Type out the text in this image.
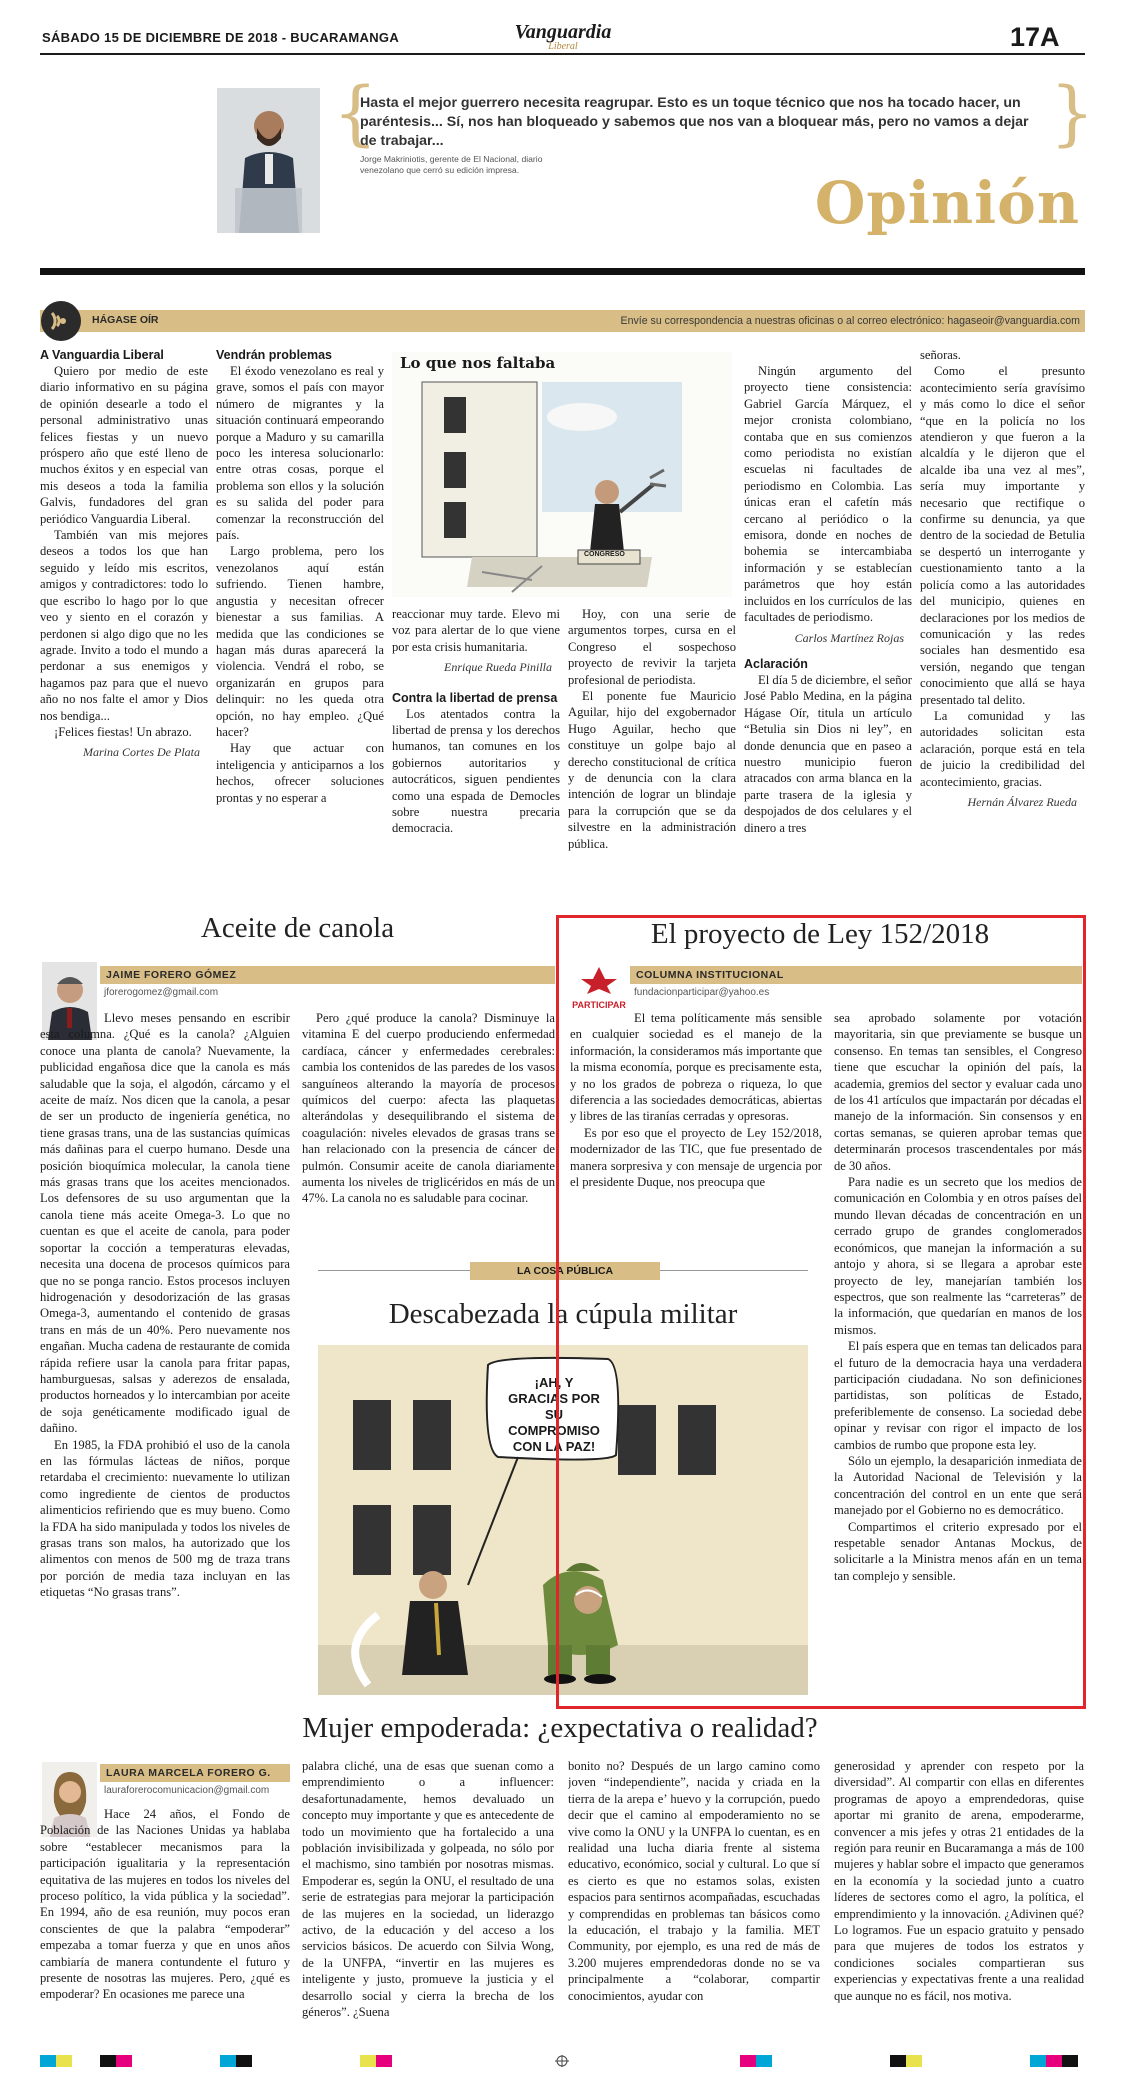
SÁBADO 15 DE DICIEMBRE DE 2018 - BUCARAMANGA	Vanguardia
Liberal	17A
{	}
Hasta el mejor guerrero necesita reagrupar. Esto es un toque técnico que nos ha tocado hacer, un paréntesis... Sí, nos han bloqueado y sabemos que nos van a bloquear más, pero no vamos a dejar de trabajar...
Jorge Makriniotis, gerente de El Nacional, diario venezolano que cerró su edición impresa.	Opinión
HÁGASE OÍR	Envíe su correspondencia a nuestras oficinas o al correo electrónico: hagaseoir@vanguardia.com

A Vanguardia Liberal

Quiero por medio de este diario informativo en su página de opinión desearle a todo el personal administrativo unas felices fiestas y un nuevo próspero año que esté lleno de muchos éxitos y en especial van mis deseos a toda la familia Galvis, fundadores del gran periódico Vanguardia Liberal.

También van mis mejores deseos a todos los que han seguido y leído mis escritos, amigos y contradictores: todo lo que escribo lo hago por lo que veo y siento en el corazón y perdonen si algo digo que no les agrade. Invito a todo el mundo a perdonar a sus enemigos y hagamos paz para que el nuevo año no nos falte el amor y Dios nos bendiga...

¡Felices fiestas! Un abrazo.

Marina Cortes De Plata

Vendrán problemas

El éxodo venezolano es real y grave, somos el país con mayor número de migrantes y la situación continuará empeorando porque a Maduro y su camarilla poco les interesa solucionarlo: entre otras cosas, porque el problema son ellos y la solución es su salida del poder para comenzar la reconstrucción del país.

Largo problema, pero los venezolanos aquí están sufriendo. Tienen hambre, angustia y necesitan ofrecer bienestar a sus familias. A medida que las condiciones se hagan más duras aparecerá la violencia. Vendrá el robo, se organizarán en grupos para delinquir: no les queda otra opción, no hay empleo. ¿Qué hacer?

Hay que actuar con inteligencia y anticiparnos a los hechos, ofrecer soluciones prontas y no esperar a

Lo que nos faltaba
CONGRESO

reaccionar muy tarde. Elevo mi voz para alertar de lo que viene por esta crisis humanitaria.

Enrique Rueda Pinilla

Contra la libertad de prensa

Los atentados contra la libertad de prensa y los derechos humanos, tan comunes en los gobiernos autoritarios y autocráticos, siguen pendientes como una espada de Democles sobre nuestra precaria democracia.

Hoy, con una serie de argumentos torpes, cursa en el Congreso el sospechoso proyecto de revivir la tarjeta profesional de periodista.

El ponente fue Mauricio Aguilar, hijo del exgobernador Hugo Aguilar, hecho que constituye un golpe bajo al derecho constitucional de crítica y de denuncia con la clara intención de lograr un blindaje para la corrupción que se da silvestre en la administración pública.

Ningún argumento del proyecto tiene consistencia: Gabriel García Márquez, el mejor cronista colombiano, contaba que en sus comienzos como periodista no existían escuelas ni facultades de periodismo en Colombia. Las únicas eran el cafetín más cercano al periódico o la emisora, donde en noches de bohemia se intercambiaba información y se establecían parámetros que hoy están incluidos en los currículos de las facultades de periodismo.

Carlos Martínez Rojas

Aclaración

El día 5 de diciembre, el señor José Pablo Medina, en la página Hágase Oír, titula un artículo “Betulia sin Dios ni ley”, en donde denuncia que en paseo a nuestro municipio fueron atracados con arma blanca en la parte trasera de la iglesia y despojados de dos celulares y el dinero a tres

señoras.

Como el presunto acontecimiento sería gravísimo y más como lo dice el señor “que en la policía no los atendieron y que fueron a la alcaldía y le dijeron que el alcalde iba una vez al mes”, sería muy importante y necesario que rectifique o confirme su denuncia, ya que dentro de la sociedad de Betulia se despertó un interrogante y cuestionamiento tanto a la policía como a las autoridades del municipio, quienes en declaraciones por los medios de comunicación y las redes sociales han desmentido esa versión, negando que tengan conocimiento que allá se haya presentado tal delito.

La comunidad y las autoridades solicitan esta aclaración, porque está en tela de juicio la credibilidad del acontecimiento, gracias.

Hernán Álvarez Rueda

Aceite de canola
JAIME FORERO GÓMEZ
jforerogomez@gmail.com

Llevo meses pensando en escribir esta columna. ¿Qué es la canola? ¿Alguien conoce una planta de canola? Nuevamente, la publicidad engañosa dice que la canola es más saludable que la soja, el algodón, cárcamo y el aceite de maíz. Nos dicen que la canola, a pesar de ser un producto de ingeniería genética, no tiene grasas trans, una de las sustancias químicas más dañinas para el cuerpo humano. Desde una posición bioquímica molecular, la canola tiene más grasas trans que los aceites mencionados. Los defensores de su uso argumentan que la canola tiene más aceite Omega-3. Lo que no cuentan es que el aceite de canola, para poder soportar la cocción a temperaturas elevadas, necesita una docena de procesos químicos para que no se ponga rancio. Estos procesos incluyen hidrogenación y desodorización de las grasas Omega-3, aumentando el contenido de grasas trans en más de un 40%. Pero nuevamente nos engañan. Mucha cadena de restaurante de comida rápida refiere usar la canola para fritar papas, hamburguesas, salsas y aderezos de ensalada, productos horneados y lo intercambian por aceite de soja genéticamente modificado igual de dañino.

En 1985, la FDA prohibió el uso de la canola en las fórmulas lácteas de niños, porque retardaba el crecimiento: nuevamente lo utilizan como ingrediente de cientos de productos alimenticios refiriendo que es muy bueno. Como la FDA ha sido manipulada y todos los niveles de grasas trans son malos, ha autorizado que los alimentos con menos de 500 mg de traza trans por porción de media taza incluyan en las etiquetas “No grasas trans”.

Pero ¿qué produce la canola? Disminuye la vitamina E del cuerpo produciendo enfermedad cardíaca, cáncer y enfermedades cerebrales: cambia los contenidos de las paredes de los vasos sanguíneos alterando la mayoría de procesos químicos del cuerpo: afecta las plaquetas alterándolas y desequilibrando el sistema de coagulación: niveles elevados de grasas trans se han relacionado con la presencia de cáncer de pulmón. Consumir aceite de canola diariamente aumenta los niveles de triglicéridos en más de un 47%. La canola no es saludable para cocinar.

LA COSA PÚBLICA
Descabezada la cúpula militar
¡AH, Y GRACIAS POR SU COMPROMISO CON LA PAZ!
El proyecto de Ley 152/2018
PARTICIPAR
COLUMNA INSTITUCIONAL
fundacionparticipar@yahoo.es

El tema políticamente más sensible en cualquier sociedad es el manejo de la información, la consideramos más importante que la misma economía, porque es precisamente esta, y no los grados de pobreza o riqueza, lo que diferencia a las sociedades democráticas, abiertas y libres de las tiranías cerradas y opresoras.

Es por eso que el proyecto de Ley 152/2018, modernizador de las TIC, que fue presentado de manera sorpresiva y con mensaje de urgencia por el presidente Duque, nos preocupa que

sea aprobado solamente por votación mayoritaria, sin que previamente se busque un consenso. En temas tan sensibles, el Congreso tiene que escuchar la opinión del país, la academia, gremios del sector y evaluar cada uno de los 41 artículos que impactarán por décadas el manejo de la información. Sin consensos y en cortas semanas, se quieren aprobar temas que determinarán procesos trascendentales por más de 30 años.

Para nadie es un secreto que los medios de comunicación en Colombia y en otros países del mundo llevan décadas de concentración en un cerrado grupo de grandes conglomerados económicos, que manejan la información a su antojo y ahora, si se llegara a aprobar este proyecto de ley, manejarían también los espectros, que son realmente las “carreteras” de la información, que quedarían en manos de los mismos.

El país espera que en temas tan delicados para el futuro de la democracia haya una verdadera participación ciudadana. No son definiciones partidistas, son políticas de Estado, preferiblemente de consenso. La sociedad debe opinar y revisar con rigor el impacto de los cambios de rumbo que propone esta ley.

Sólo un ejemplo, la desaparición inmediata de la Autoridad Nacional de Televisión y la concentración del control en un ente que será manejado por el Gobierno no es democrático.

Compartimos el criterio expresado por el respetable senador Antanas Mockus, de solicitarle a la Ministra menos afán en un tema tan complejo y sensible.

Mujer empoderada: ¿expectativa o realidad?
LAURA MARCELA FORERO G.
lauraforerocomunicacion@gmail.com

Hace 24 años, el Fondo de Población de las Naciones Unidas ya hablaba sobre “establecer mecanismos para la participación igualitaria y la representación equitativa de las mujeres en todos los niveles del proceso político, la vida pública y la sociedad”. En 1994, año de esa reunión, muy pocos eran conscientes de que la palabra “empoderar” empezaba a tomar fuerza y que en unos años cambiaría de manera contundente el futuro y presente de nosotras las mujeres. Pero, ¿qué es empoderar? En ocasiones me parece una

palabra cliché, una de esas que suenan como a emprendimiento o a influencer: desafortunadamente, hemos devaluado un concepto muy importante y que es antecedente de todo un movimiento que ha fortalecido a una población invisibilizada y golpeada, no sólo por el machismo, sino también por nosotras mismas. Empoderar es, según la ONU, el resultado de una serie de estrategias para mejorar la participación de las mujeres en la sociedad, un liderazgo activo, de la educación y del acceso a los servicios básicos. De acuerdo con Silvia Wong, de la UNFPA, “invertir en las mujeres es inteligente y justo, promueve la justicia y el desarrollo social y cierra la brecha de los géneros”. ¿Suena

bonito no? Después de un largo camino como joven “independiente”, nacida y criada en la tierra de la arepa e’ huevo y la corrupción, puedo decir que el camino al empoderamiento no se vive como la ONU y la UNFPA lo cuentan, es en realidad una lucha diaria frente al sistema educativo, económico, social y cultural. Lo que sí es cierto es que no estamos solas, existen espacios para sentirnos acompañadas, escuchadas y comprendidas en problemas tan básicos como la educación, el trabajo y la familia. MET Community, por ejemplo, es una red de más de 3.200 mujeres emprendedoras donde no se va principalmente a “colaborar, compartir conocimientos, ayudar con

generosidad y aprender con respeto por la diversidad”. Al compartir con ellas en diferentes programas de apoyo a emprendedoras, quise aportar mi granito de arena, empoderarme, convencer a mis jefes y otras 21 entidades de la región para reunir en Bucaramanga a más de 100 mujeres y hablar sobre el impacto que generamos en la economía y la sociedad junto a cuatro líderes de sectores como el agro, la política, el emprendimiento y la innovación. ¿Adivinen qué? Lo logramos. Fue un espacio gratuito y pensado para que mujeres de todos los estratos y condiciones sociales compartieran sus experiencias y expectativas frente a una realidad que aunque no es fácil, nos motiva.
